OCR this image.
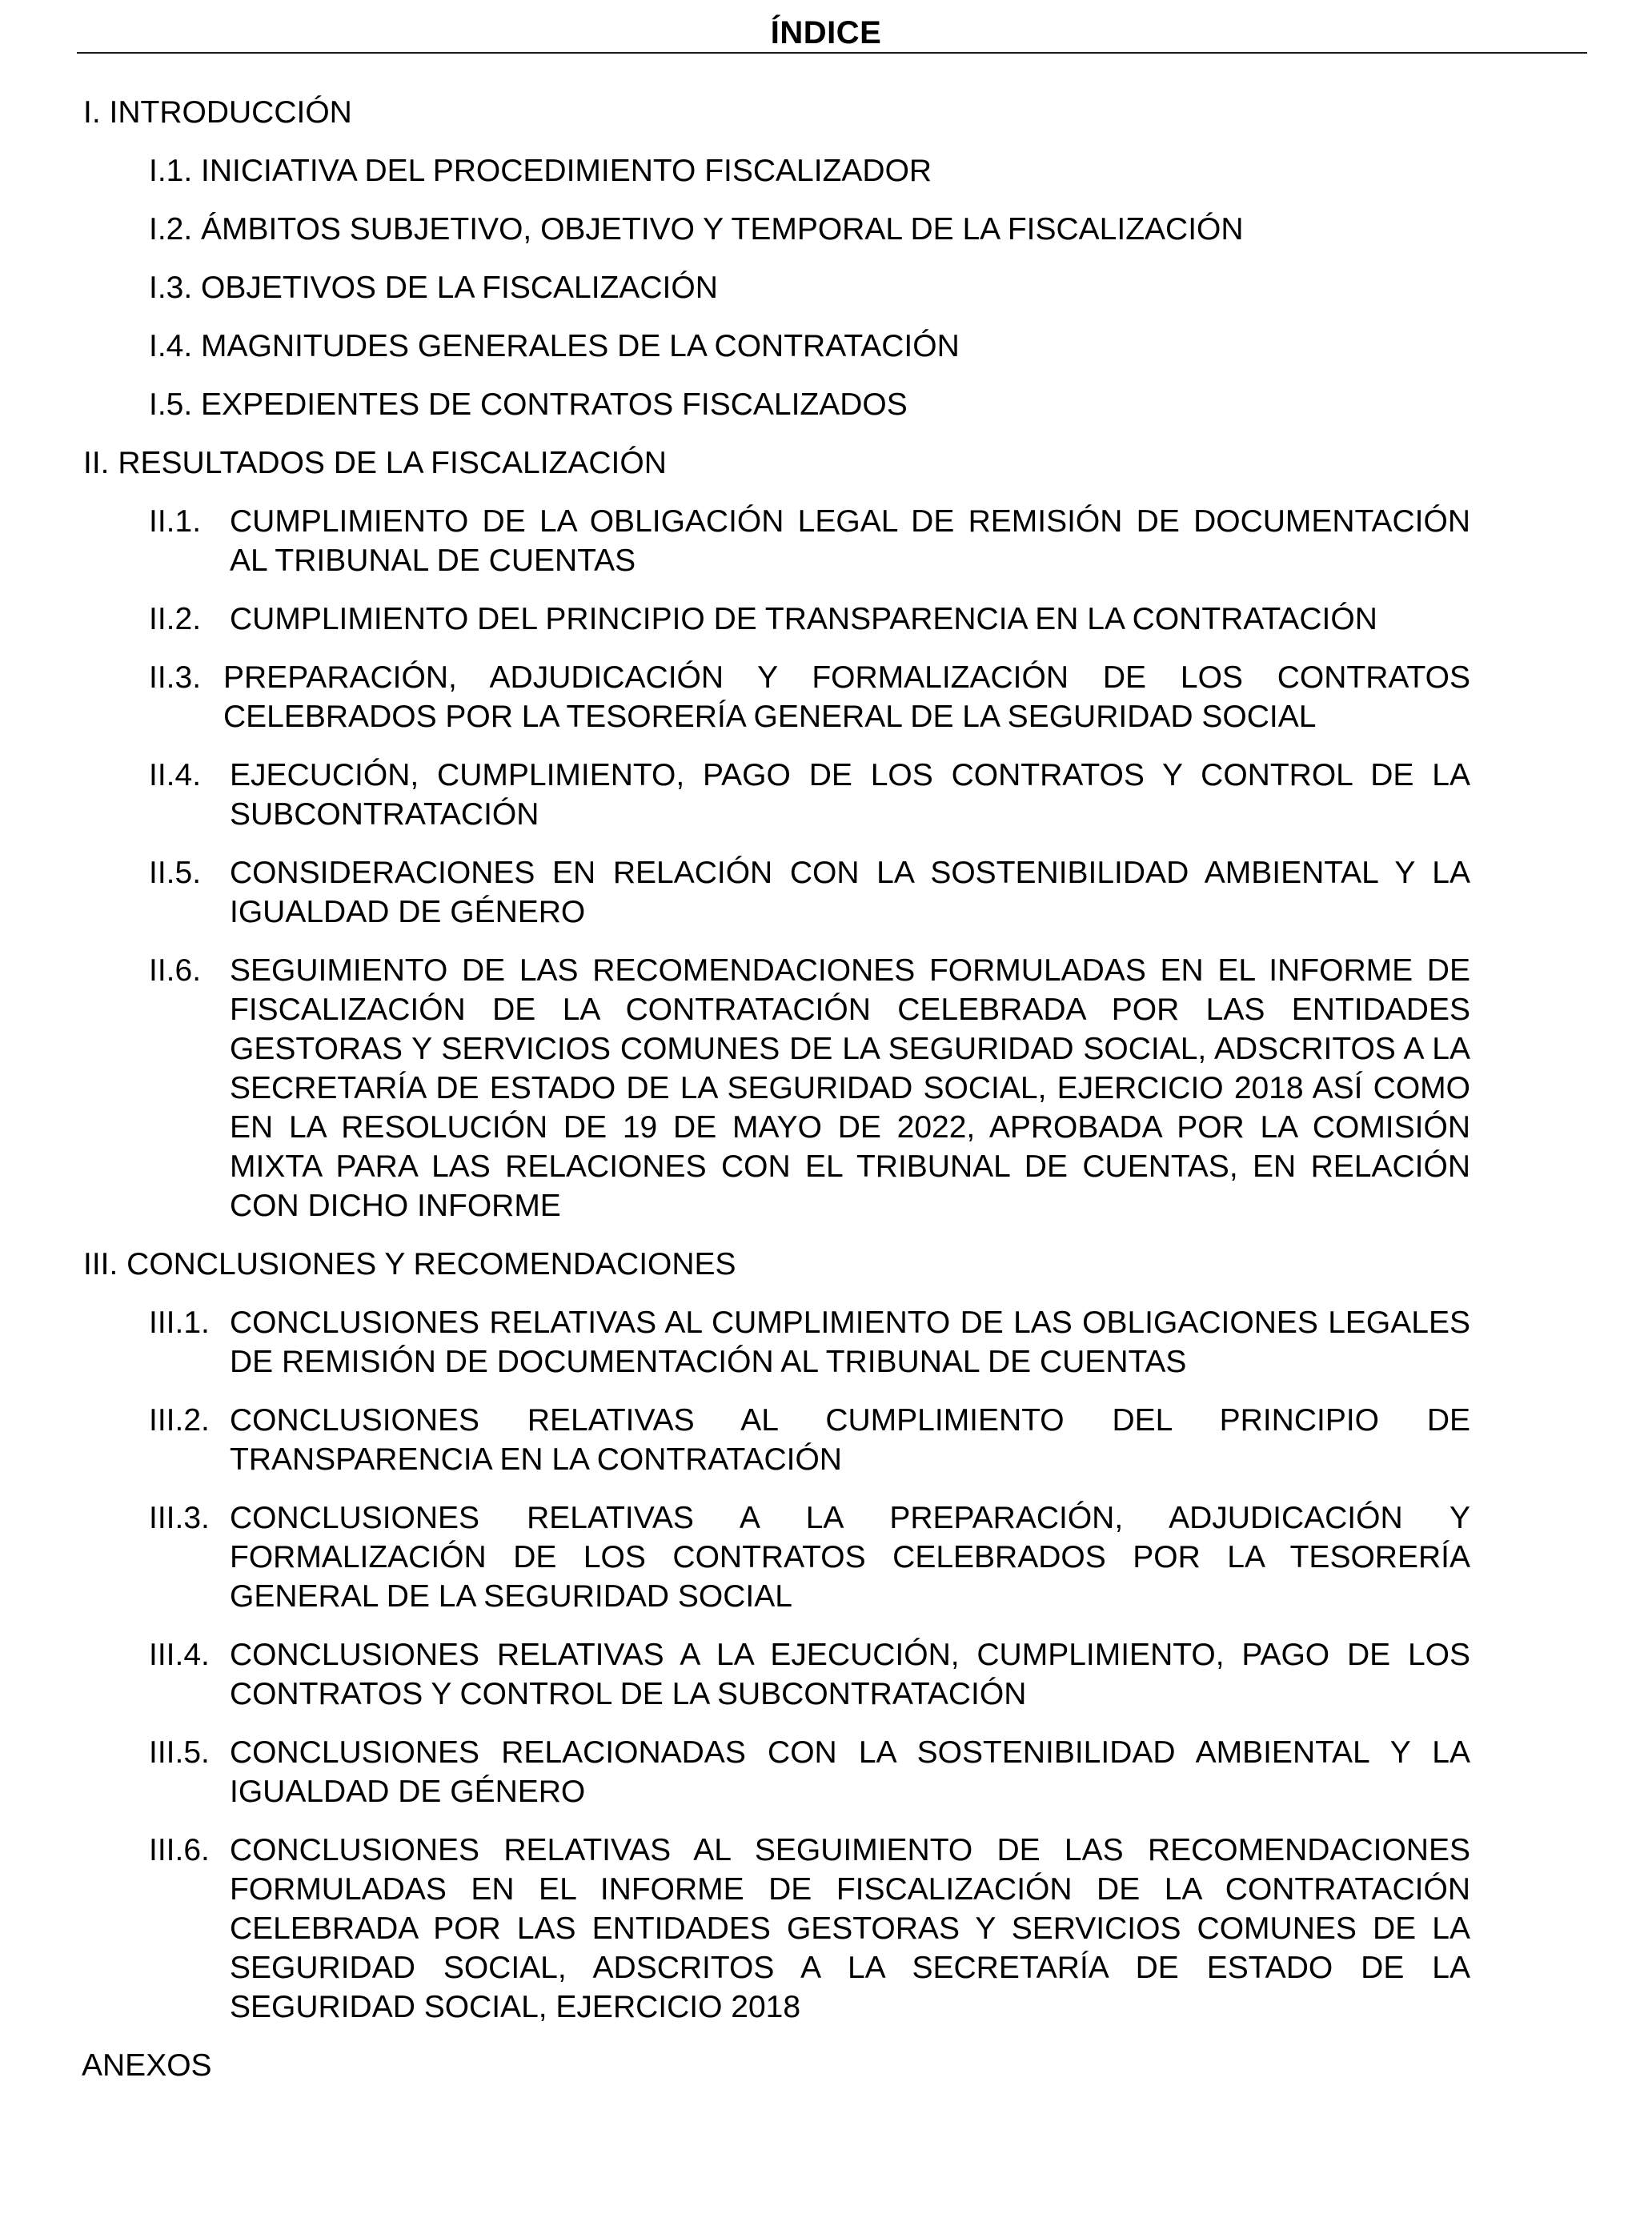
ÍNDICE
I. INTRODUCCIÓN
I.1. INICIATIVA DEL PROCEDIMIENTO FISCALIZADOR
I.2. ÁMBITOS SUBJETIVO, OBJETIVO Y TEMPORAL DE LA FISCALIZACIÓN
I.3. OBJETIVOS DE LA FISCALIZACIÓN
I.4. MAGNITUDES GENERALES DE LA CONTRATACIÓN
I.5. EXPEDIENTES DE CONTRATOS FISCALIZADOS
II. RESULTADOS DE LA FISCALIZACIÓN
II.1. CUMPLIMIENTO DE LA OBLIGACIÓN LEGAL DE REMISIÓN DE DOCUMENTACIÓN AL TRIBUNAL DE CUENTAS
II.2. CUMPLIMIENTO DEL PRINCIPIO DE TRANSPARENCIA EN LA CONTRATACIÓN
II.3. PREPARACIÓN, ADJUDICACIÓN Y FORMALIZACIÓN DE LOS CONTRATOS CELEBRADOS POR LA TESORERÍA GENERAL DE LA SEGURIDAD SOCIAL
II.4. EJECUCIÓN, CUMPLIMIENTO, PAGO DE LOS CONTRATOS Y CONTROL DE LA SUBCONTRATACIÓN
II.5. CONSIDERACIONES EN RELACIÓN CON LA SOSTENIBILIDAD AMBIENTAL Y LA IGUALDAD DE GÉNERO
II.6. SEGUIMIENTO DE LAS RECOMENDACIONES FORMULADAS EN EL INFORME DE FISCALIZACIÓN DE LA CONTRATACIÓN CELEBRADA POR LAS ENTIDADES GESTORAS Y SERVICIOS COMUNES DE LA SEGURIDAD SOCIAL, ADSCRITOS A LA SECRETARÍA DE ESTADO DE LA SEGURIDAD SOCIAL, EJERCICIO 2018 ASÍ COMO EN LA RESOLUCIÓN DE 19 DE MAYO DE 2022, APROBADA POR LA COMISIÓN MIXTA PARA LAS RELACIONES CON EL TRIBUNAL DE CUENTAS, EN RELACIÓN CON DICHO INFORME
III. CONCLUSIONES Y RECOMENDACIONES
III.1. CONCLUSIONES RELATIVAS AL CUMPLIMIENTO DE LAS OBLIGACIONES LEGALES DE REMISIÓN DE DOCUMENTACIÓN AL TRIBUNAL DE CUENTAS
III.2. CONCLUSIONES RELATIVAS AL CUMPLIMIENTO DEL PRINCIPIO DE TRANSPARENCIA EN LA CONTRATACIÓN
III.3. CONCLUSIONES RELATIVAS A LA PREPARACIÓN, ADJUDICACIÓN Y FORMALIZACIÓN DE LOS CONTRATOS CELEBRADOS POR LA TESORERÍA GENERAL DE LA SEGURIDAD SOCIAL
III.4. CONCLUSIONES RELATIVAS A LA EJECUCIÓN, CUMPLIMIENTO, PAGO DE LOS CONTRATOS Y CONTROL DE LA SUBCONTRATACIÓN
III.5. CONCLUSIONES RELACIONADAS CON LA SOSTENIBILIDAD AMBIENTAL Y LA IGUALDAD DE GÉNERO
III.6. CONCLUSIONES RELATIVAS AL SEGUIMIENTO DE LAS RECOMENDACIONES FORMULADAS EN EL INFORME DE FISCALIZACIÓN DE LA CONTRATACIÓN CELEBRADA POR LAS ENTIDADES GESTORAS Y SERVICIOS COMUNES DE LA SEGURIDAD SOCIAL, ADSCRITOS A LA SECRETARÍA DE ESTADO DE LA SEGURIDAD SOCIAL, EJERCICIO 2018
ANEXOS
